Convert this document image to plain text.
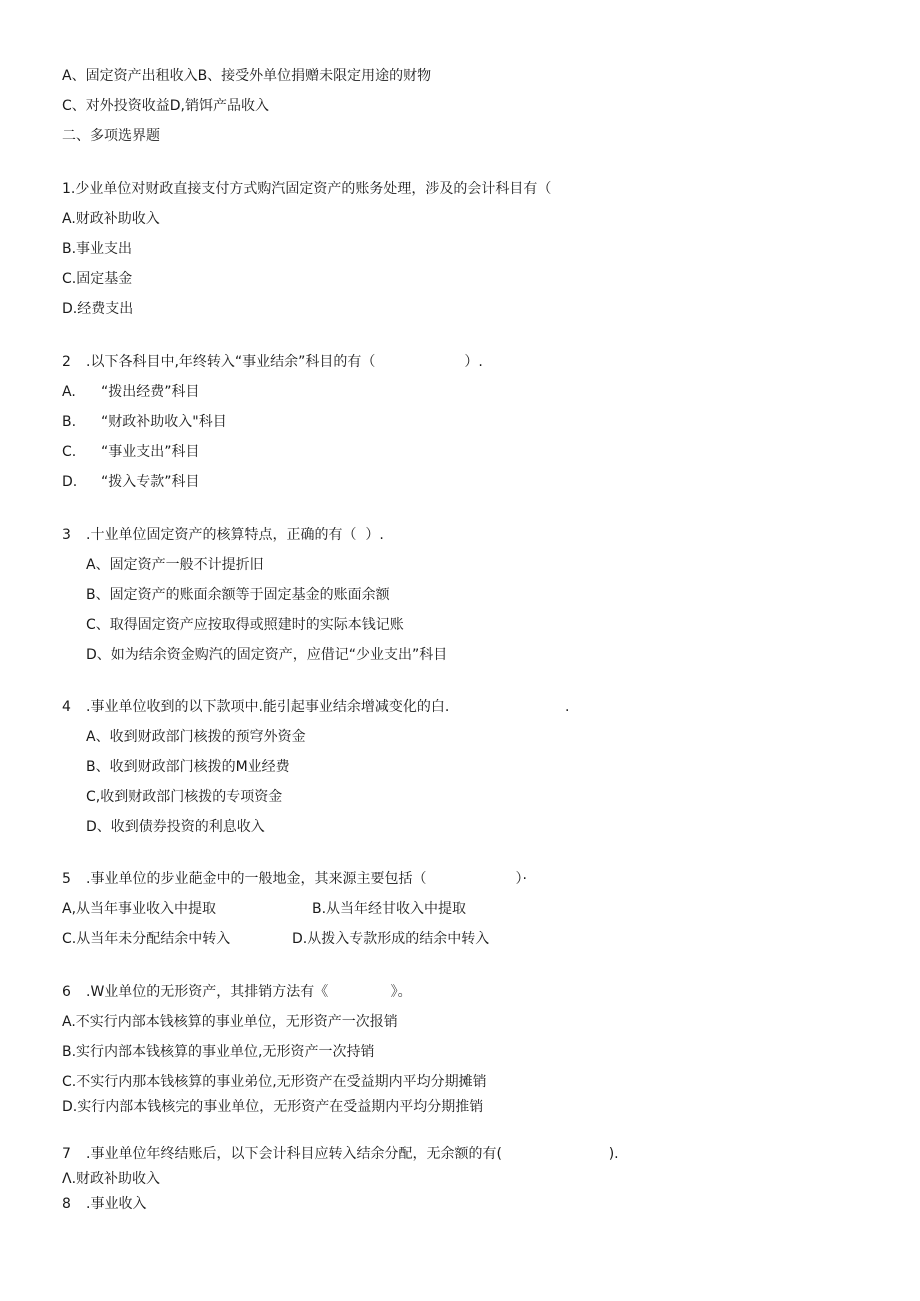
A、固定资产出租收入B、接受外单位捐赠未限定用途的财物
C、对外投资收益D,销饵产品收入
二、多项选界题
1.少业单位对财政直接支付方式购汽固定资产的账务处理，涉及的会计科目有（
A.财政补助收入
B.事业支出
C.固定基金
D.经费支出
2 .以下各科目中,年终转入“事业结余”科目的有（                    ）.
A. “拨出经费”科目
B. “财政补助收入"科目
C. “事业支出”科目
D. “拨入专款”科目
3 .十业单位固定资产的核算特点，正确的有（  ）.
A、固定资产一般不计提折旧
B、固定资产的账面余额等于固定基金的账面余额
C、取得固定资产应按取得或照建时的实际本钱记账
D、如为结余资金购汽的固定资产，应借记“少业支出”科目
4 .事业单位收到的以下款项中.能引起事业结余增减变化的白.                          .
A、收到财政部门核拨的预穹外资金
B、收到财政部门核拨的M业经费
C,收到财政部门核拨的专项资金
D、收到债券投资的利息收入
5 .事业单位的步业葩金中的一般地金，其来源主要包括（                    ）·
A,从当年事业收入中提取	B.从当年经甘收入中提取
C.从当年未分配结余中转入	D.从拨入专款形成的结余中转入
6 .W业单位的无形资产，其排销方法有《              》。
A.不实行内部本钱核算的事业单位，无形资产一次报销
B.实行内部本钱核算的事业单位,无形资产一次持销
C.不实行内那本钱核算的事业弟位,无形资产在受益期内平均分期摊销
D.实行内部本钱核完的事业单位，无形资产在受益期内平均分期推销
7 .事业单位年终结账后，以下会计科目应转入结余分配，无余额的有(                        ).
Λ.财政补助收入
8 .事业收入
